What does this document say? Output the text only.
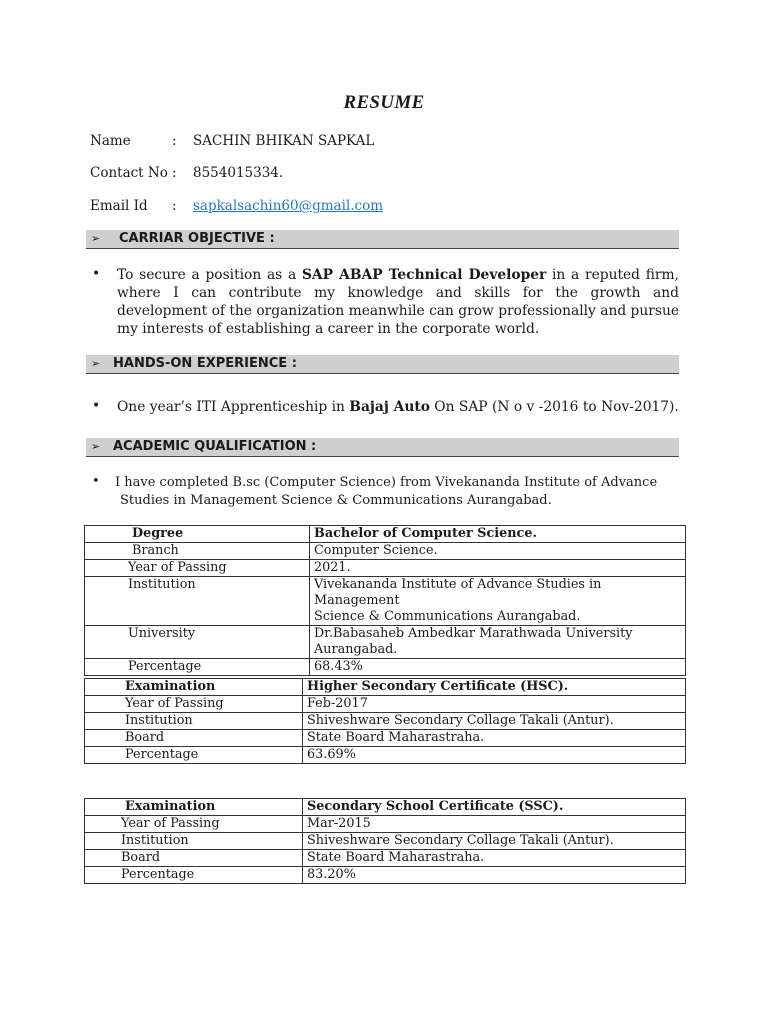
RESUME
Name	: SACHIN BHIKAN SAPKAL
Contact No : 8554015334.
Email Id : sapkalsachin60@gmail.com
➢ CARRIAR OBJECTIVE :
• To secure a position as a SAP ABAP Technical Developer in a reputed firm, where I can contribute my knowledge and skills for the growth and development of the organization meanwhile can grow professionally and pursue my interests of establishing a career in the corporate world.
➢ HANDS-ON EXPERIENCE :
• One year’s ITI Apprenticeship in Bajaj Auto On SAP (N o v -2016 to Nov-2017).
➢ ACADEMIC QUALIFICATION :
• I have completed B.sc (Computer Science) from Vivekananda Institute of Advance
Studies in Management Science & Communications Aurangabad.
Degree	Bachelor of Computer Science.
Branch	Computer Science.
Year of Passing	2021.
Institution	Vivekananda Institute of Advance Studies in Management
Science & Communications Aurangabad.

University	Dr.Babasaheb Ambedkar Marathwada University Aurangabad.
Percentage	68.43%
Examination	Higher Secondary Certificate (HSC).
Year of Passing	Feb-2017
Institution	Shiveshware Secondary Collage Takali (Antur).
Board	State Board Maharastraha.
Percentage	63.69%
Examination	Secondary School Certificate (SSC).
Year of Passing	Mar-2015
Institution	Shiveshware Secondary Collage Takali (Antur).
Board	State Board Maharastraha.
Percentage	83.20%
